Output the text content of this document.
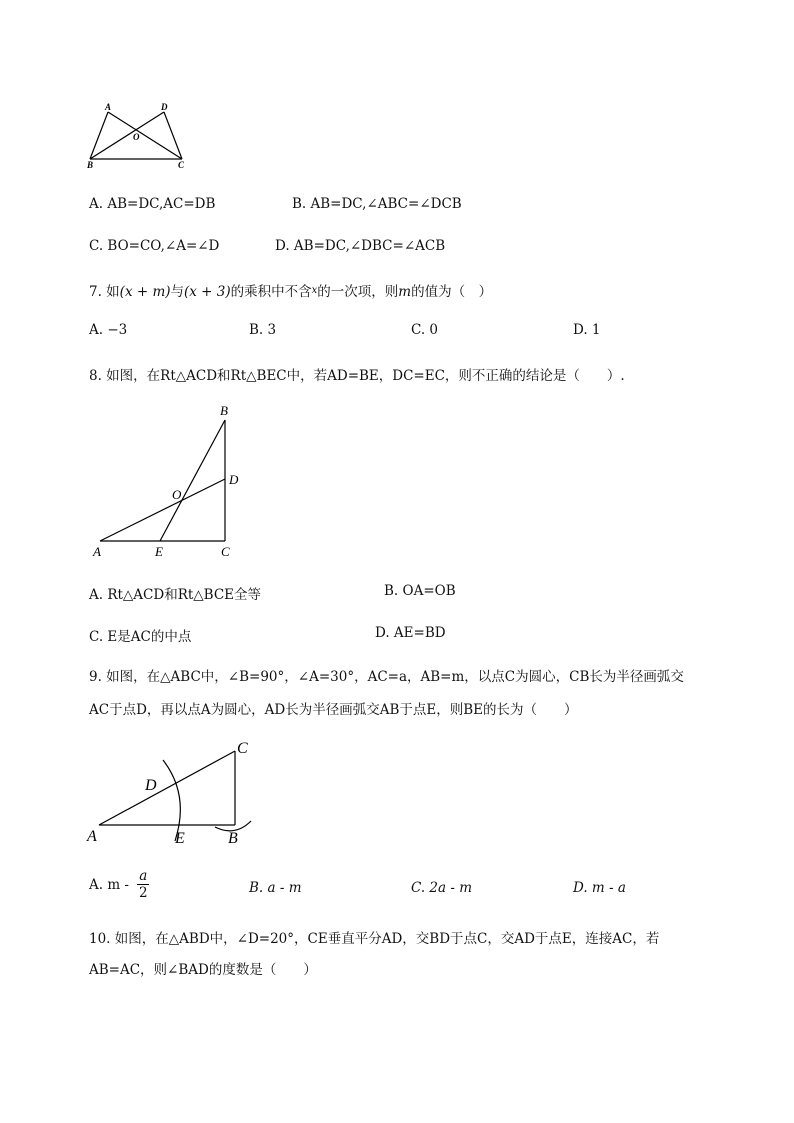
A	D
O
B	C
A. AB=DC,AC=DB	B. AB=DC,∠ABC=∠DCB
C. BO=CO,∠A=∠D	D. AB=DC,∠DBC=∠ACB
7. 如(x + m)与(x + 3)的乘积中不含$^x$的一次项，则m的值为（　）
A. −3	B. 3	C. 0	D. 1
8. 如图，在Rt△ACD和Rt△BEC中，若AD=BE，DC=EC，则不正确的结论是（　　）.
B
D
O
A	E	C
A. Rt△ACD和Rt△BCE全等	B. OA=OB
C. E是AC的中点	D. AE=BD
9. 如图，在△ABC中，∠B=90°，∠A=30°，AC=a，AB=m，以点C为圆心，CB长为半径画弧交
AC于点D，再以点A为圆心，AD长为半径画弧交AB于点E，则BE的长为（　　）
C
D
A	E	B
A. m - $\frac{a}{2}$	B. a - m	C. 2a - m	D. m - a
10. 如图，在△ABD中，∠D=20°，CE垂直平分AD，交BD于点C，交AD于点E，连接AC，若
AB=AC，则∠BAD的度数是（　　）
